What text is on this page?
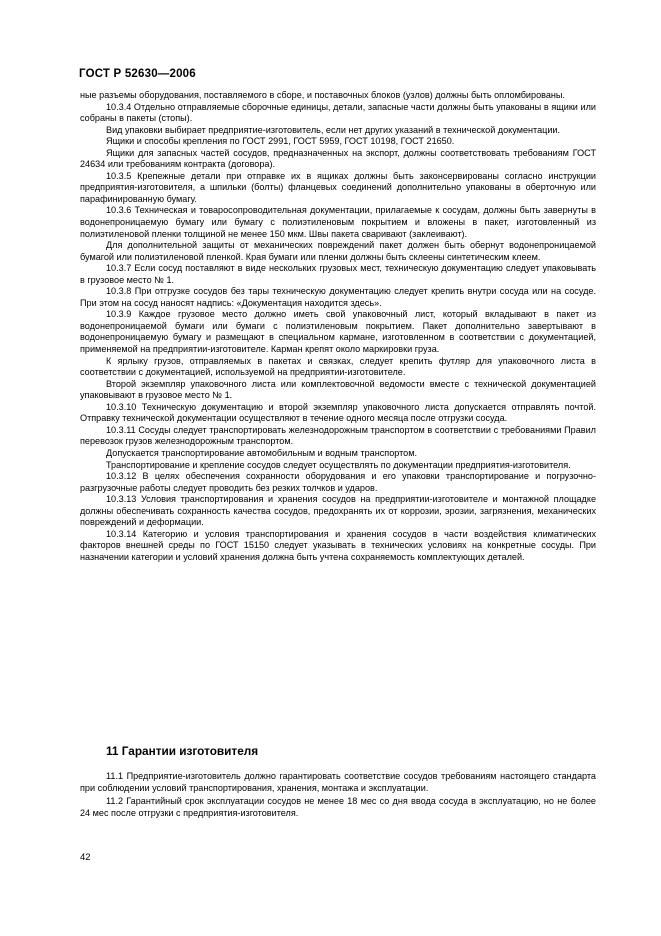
ГОСТ Р 52630—2006

ные разъемы оборудования, поставляемого в сборе, и поставочных блоков (узлов) должны быть опломбированы.

10.3.4 Отдельно отправляемые сборочные единицы, детали, запасные части должны быть упакованы в ящики или собраны в пакеты (стопы).

Вид упаковки выбирает предприятие-изготовитель, если нет других указаний в технической документации.

Ящики и способы крепления по ГОСТ 2991, ГОСТ 5959, ГОСТ 10198, ГОСТ 21650.

Ящики для запасных частей сосудов, предназначенных на экспорт, должны соответствовать требованиям ГОСТ 24634 или требованиям контракта (договора).

10.3.5 Крепежные детали при отправке их в ящиках должны быть законсервированы согласно инструкции предприятия-изготовителя, а шпильки (болты) фланцевых соединений дополнительно упакованы в оберточную или парафинированную бумагу.

10.3.6 Техническая и товаросопроводительная документации, прилагаемые к сосудам, должны быть завернуты в водонепроницаемую бумагу или бумагу с полиэтиленовым покрытием и вложены в пакет, изготовленный из полиэтиленовой пленки толщиной не менее 150 мкм. Швы пакета сваривают (заклеивают).

Для дополнительной защиты от механических повреждений пакет должен быть обернут водонепроницаемой бумагой или полиэтиленовой пленкой. Края бумаги или пленки должны быть склеены синтетическим клеем.

10.3.7 Если сосуд поставляют в виде нескольких грузовых мест, техническую документацию следует упаковывать в грузовое место № 1.

10.3.8 При отгрузке сосудов без тары техническую документацию следует крепить внутри сосуда или на сосуде. При этом на сосуд наносят надпись: «Документация находится здесь».

10.3.9 Каждое грузовое место должно иметь свой упаковочный лист, который вкладывают в пакет из водонепроницаемой бумаги или бумаги с полиэтиленовым покрытием. Пакет дополнительно завертывают в водонепроницаемую бумагу и размещают в специальном кармане, изготовленном в соответствии с документацией, применяемой на предприятии-изготовителе. Карман крепят около маркировки груза.

К ярлыку грузов, отправляемых в пакетах и связках, следует крепить футляр для упаковочного листа в соответствии с документацией, используемой на предприятии-изготовителе.

Второй экземпляр упаковочного листа или комплектовочной ведомости вместе с технической документацией упаковывают в грузовое место № 1.

10.3.10 Техническую документацию и второй экземпляр упаковочного листа допускается отправлять почтой. Отправку технической документации осуществляют в течение одного месяца после отгрузки сосуда.

10.3.11 Сосуды следует транспортировать железнодорожным транспортом в соответствии с требованиями Правил перевозок грузов железнодорожным транспортом.

Допускается транспортирование автомобильным и водным транспортом.

Транспортирование и крепление сосудов следует осуществлять по документации предприятия-изготовителя.

10.3.12 В целях обеспечения сохранности оборудования и его упаковки транспортирование и погрузочно-разгрузочные работы следует проводить без резких толчков и ударов.

10.3.13 Условия транспортирования и хранения сосудов на предприятии-изготовителе и монтажной площадке должны обеспечивать сохранность качества сосудов, предохранять их от коррозии, эрозии, загрязнения, механических повреждений и деформации.

10.3.14 Категорию и условия транспортирования и хранения сосудов в части воздействия климатических факторов внешней среды по ГОСТ 15150 следует указывать в технических условиях на конкретные сосуды. При назначении категории и условий хранения должна быть учтена сохраняемость комплектующих деталей.

11 Гарантии изготовителя

11.1 Предприятие-изготовитель должно гарантировать соответствие сосудов требованиям настоящего стандарта при соблюдении условий транспортирования, хранения, монтажа и эксплуатации.

11.2 Гарантийный срок эксплуатации сосудов не менее 18 мес со дня ввода сосуда в эксплуатацию, но не более 24 мес после отгрузки с предприятия-изготовителя.

42
